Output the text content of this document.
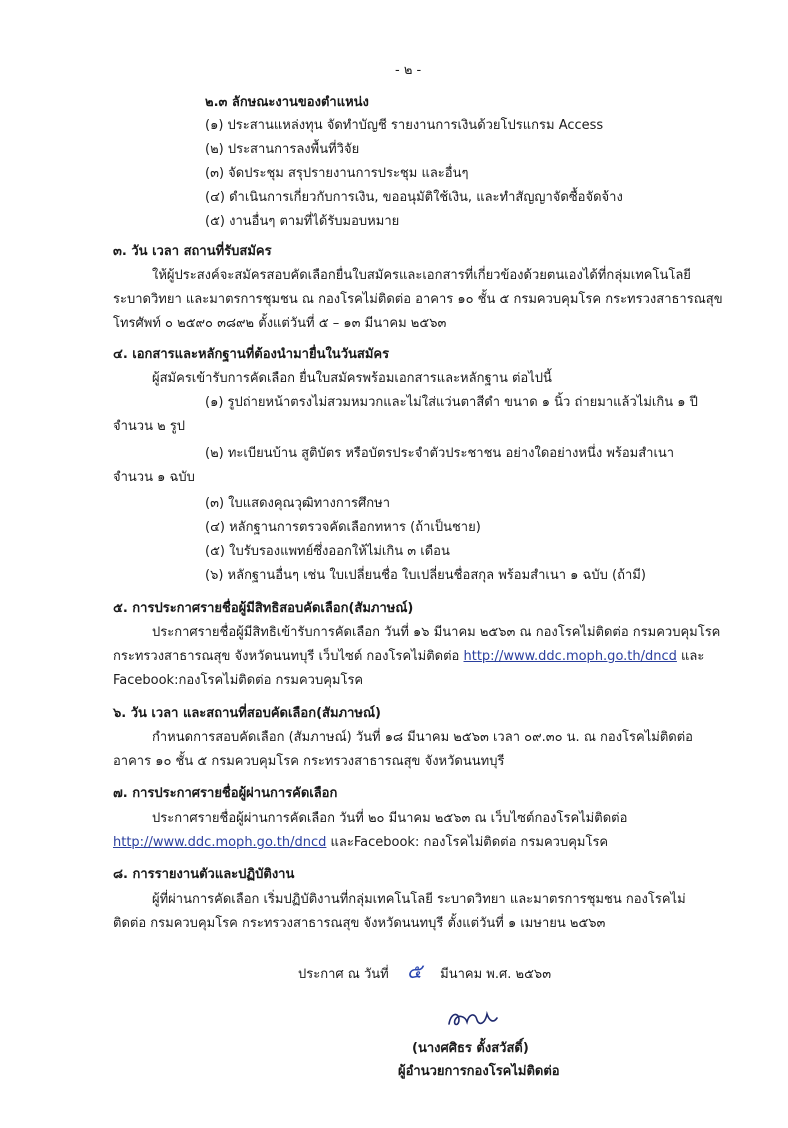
- ๒ -
๒.๓ ลักษณะงานของตำแหน่ง
(๑) ประสานแหล่งทุน จัดทำบัญชี รายงานการเงินด้วยโปรแกรม Access
(๒) ประสานการลงพื้นที่วิจัย
(๓) จัดประชุม สรุปรายงานการประชุม และอื่นๆ
(๔) ดำเนินการเกี่ยวกับการเงิน, ขออนุมัติใช้เงิน, และทำสัญญาจัดซื้อจัดจ้าง
(๕) งานอื่นๆ ตามที่ได้รับมอบหมาย
๓. วัน เวลา สถานที่รับสมัคร
ให้ผู้ประสงค์จะสมัครสอบคัดเลือกยื่นใบสมัครและเอกสารที่เกี่ยวข้องด้วยตนเองได้ที่กลุ่มเทคโนโลยี
ระบาดวิทยา และมาตรการชุมชน ณ กองโรคไม่ติดต่อ อาคาร ๑๐ ชั้น ๕ กรมควบคุมโรค กระทรวงสาธารณสุข
โทรศัพท์ ๐ ๒๕๙๐ ๓๘๙๒ ตั้งแต่วันที่ ๕ – ๑๓ มีนาคม ๒๕๖๓
๔. เอกสารและหลักฐานที่ต้องนำมายื่นในวันสมัคร
ผู้สมัครเข้ารับการคัดเลือก ยื่นใบสมัครพร้อมเอกสารและหลักฐาน ต่อไปนี้
(๑) รูปถ่ายหน้าตรงไม่สวมหมวกและไม่ใส่แว่นตาสีดำ ขนาด ๑ นิ้ว ถ่ายมาแล้วไม่เกิน ๑ ปี
จำนวน ๒ รูป
(๒) ทะเบียนบ้าน สูติบัตร หรือบัตรประจำตัวประชาชน อย่างใดอย่างหนึ่ง พร้อมสำเนา
จำนวน ๑ ฉบับ
(๓) ใบแสดงคุณวุฒิทางการศึกษา
(๔) หลักฐานการตรวจคัดเลือกทหาร (ถ้าเป็นชาย)
(๕) ใบรับรองแพทย์ซึ่งออกให้ไม่เกิน ๓ เดือน
(๖) หลักฐานอื่นๆ เช่น ใบเปลี่ยนชื่อ ใบเปลี่ยนชื่อสกุล พร้อมสำเนา ๑ ฉบับ (ถ้ามี)
๕. การประกาศรายชื่อผู้มีสิทธิสอบคัดเลือก(สัมภาษณ์)
ประกาศรายชื่อผู้มีสิทธิเข้ารับการคัดเลือก วันที่ ๑๖ มีนาคม ๒๕๖๓ ณ กองโรคไม่ติดต่อ กรมควบคุมโรค
กระทรวงสาธารณสุข จังหวัดนนทบุรี เว็บไซต์ กองโรคไม่ติดต่อ http://www.ddc.moph.go.th/dncd และ
Facebook:กองโรคไม่ติดต่อ กรมควบคุมโรค
๖. วัน เวลา และสถานที่สอบคัดเลือก(สัมภาษณ์)
กำหนดการสอบคัดเลือก (สัมภาษณ์) วันที่ ๑๘ มีนาคม ๒๕๖๓ เวลา ๐๙.๓๐ น. ณ กองโรคไม่ติดต่อ
อาคาร ๑๐ ชั้น ๕ กรมควบคุมโรค กระทรวงสาธารณสุข จังหวัดนนทบุรี
๗. การประกาศรายชื่อผู้ผ่านการคัดเลือก
ประกาศรายชื่อผู้ผ่านการคัดเลือก วันที่ ๒๐ มีนาคม ๒๕๖๓ ณ เว็บไซต์กองโรคไม่ติดต่อ
http://www.ddc.moph.go.th/dncd และFacebook: กองโรคไม่ติดต่อ กรมควบคุมโรค
๘. การรายงานตัวและปฏิบัติงาน
ผู้ที่ผ่านการคัดเลือก เริ่มปฏิบัติงานที่กลุ่มเทคโนโลยี ระบาดวิทยา และมาตรการชุมชน กองโรคไม่
ติดต่อ กรมควบคุมโรค กระทรวงสาธารณสุข จังหวัดนนทบุรี ตั้งแต่วันที่ ๑ เมษายน ๒๕๖๓
ประกาศ ณ วันที่ ๕ มีนาคม พ.ศ. ๒๕๖๓
(นางศศิธร ตั้งสวัสดิ์)
ผู้อำนวยการกองโรคไม่ติดต่อ
